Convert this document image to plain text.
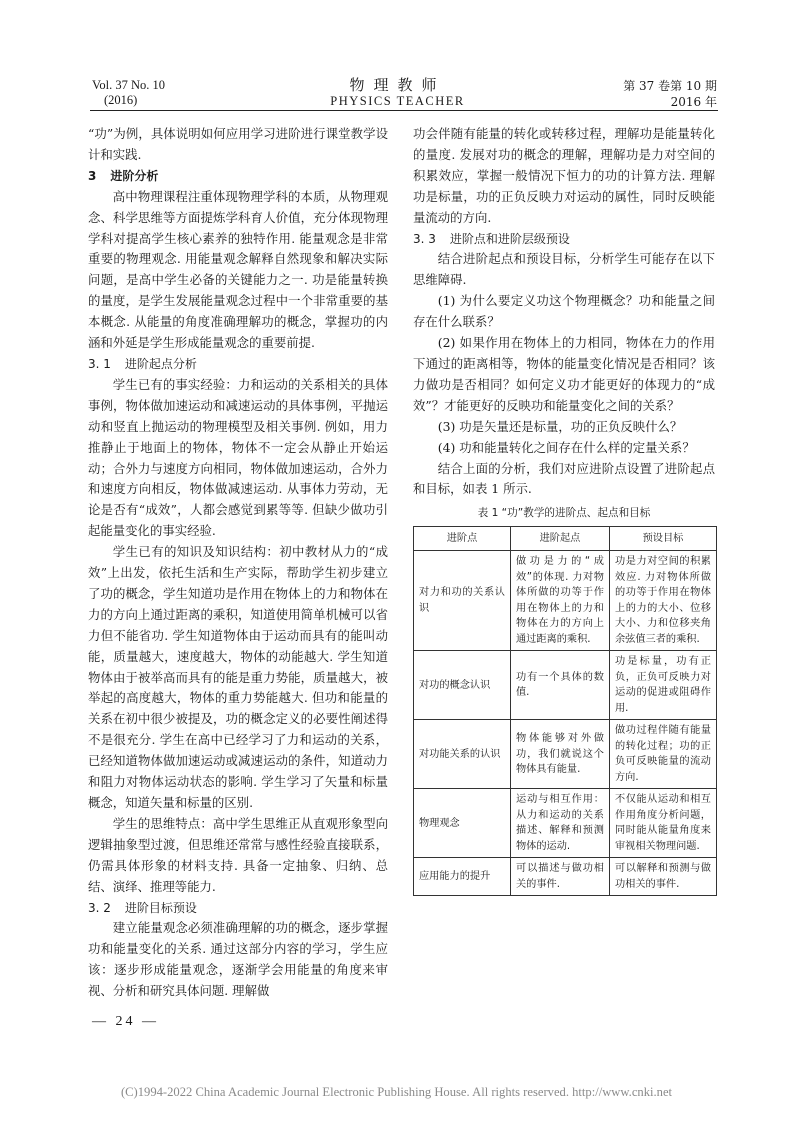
Vol. 37 No. 10
(2016)
物理教师
PHYSICS TEACHER
第 37 卷第 10 期
2016 年

“功”为例，具体说明如何应用学习进阶进行课堂教学设计和实践.

3 进阶分析

高中物理课程注重体现物理学科的本质，从物理观念、科学思维等方面提炼学科育人价值，充分体现物理学科对提高学生核心素养的独特作用. 能量观念是非常重要的物理观念. 用能量观念解释自然现象和解决实际问题，是高中学生必备的关键能力之一. 功是能量转换的量度，是学生发展能量观念过程中一个非常重要的基本概念. 从能量的角度准确理解功的概念，掌握功的内涵和外延是学生形成能量观念的重要前提.

3. 1 进阶起点分析

学生已有的事实经验：力和运动的关系相关的具体事例，物体做加速运动和减速运动的具体事例，平抛运动和竖直上抛运动的物理模型及相关事例. 例如，用力推静止于地面上的物体，物体不一定会从静止开始运动；合外力与速度方向相同，物体做加速运动，合外力和速度方向相反，物体做减速运动. 从事体力劳动，无论是否有“成效”，人都会感觉到累等等. 但缺少做功引起能量变化的事实经验.

学生已有的知识及知识结构：初中教材从力的“成效”上出发，依托生活和生产实际，帮助学生初步建立了功的概念，学生知道功是作用在物体上的力和物体在力的方向上通过距离的乘积，知道使用简单机械可以省力但不能省功. 学生知道物体由于运动而具有的能叫动能，质量越大，速度越大，物体的动能越大. 学生知道物体由于被举高而具有的能是重力势能，质量越大，被举起的高度越大，物体的重力势能越大. 但功和能量的关系在初中很少被提及，功的概念定义的必要性阐述得不是很充分. 学生在高中已经学习了力和运动的关系，已经知道物体做加速运动或减速运动的条件，知道动力和阻力对物体运动状态的影响. 学生学习了矢量和标量概念，知道矢量和标量的区别.

学生的思维特点：高中学生思维正从直观形象型向逻辑抽象型过渡，但思维还常常与感性经验直接联系，仍需具体形象的材料支持. 具备一定抽象、归纳、总结、演绎、推理等能力.

3. 2 进阶目标预设

建立能量观念必须准确理解的功的概念，逐步掌握功和能量变化的关系. 通过这部分内容的学习，学生应该：逐步形成能量观念，逐渐学会用能量的角度来审视、分析和研究具体问题. 理解做

功会伴随有能量的转化或转移过程，理解功是能量转化的量度. 发展对功的概念的理解，理解功是力对空间的积累效应，掌握一般情况下恒力的功的计算方法. 理解功是标量，功的正负反映力对运动的属性，同时反映能量流动的方向.

3. 3 进阶点和进阶层级预设

结合进阶起点和预设目标，分析学生可能存在以下思维障碍.

(1) 为什么要定义功这个物理概念？功和能量之间存在什么联系？

(2) 如果作用在物体上的力相同，物体在力的作用下通过的距离相等，物体的能量变化情况是否相同？该力做功是否相同？如何定义功才能更好的体现力的“成效”？才能更好的反映功和能量变化之间的关系？

(3) 功是矢量还是标量，功的正负反映什么？

(4) 功和能量转化之间存在什么样的定量关系？

结合上面的分析，我们对应进阶点设置了进阶起点和目标，如表 1 所示.

表 1 “功”教学的进阶点、起点和目标
进阶点	进阶起点	预设目标
对力和功的关系认识	做功是力的“成效”的体现. 力对物体所做的功等于作用在物体上的力和物体在力的方向上通过距离的乘积.	功是力对空间的积累效应. 力对物体所做的功等于作用在物体上的力的大小、位移大小、力和位移夹角余弦值三者的乘积.
对功的概念认识	功有一个具体的数值.	功是标量，功有正负，正负可反映力对运动的促进或阻碍作用.
对功能关系的认识	物体能够对外做功，我们就说这个物体具有能量.	做功过程伴随有能量的转化过程；功的正负可反映能量的流动方向.
物理观念	运动与相互作用：从力和运动的关系描述、解释和预测物体的运动.	不仅能从运动和相互作用角度分析问题，同时能从能量角度来审视相关物理问题.
应用能力的提升	可以描述与做功相关的事件.	可以解释和预测与做功相关的事件.
— 24 —
(C)1994-2022 China Academic Journal Electronic Publishing House. All rights reserved. http://www.cnki.net
